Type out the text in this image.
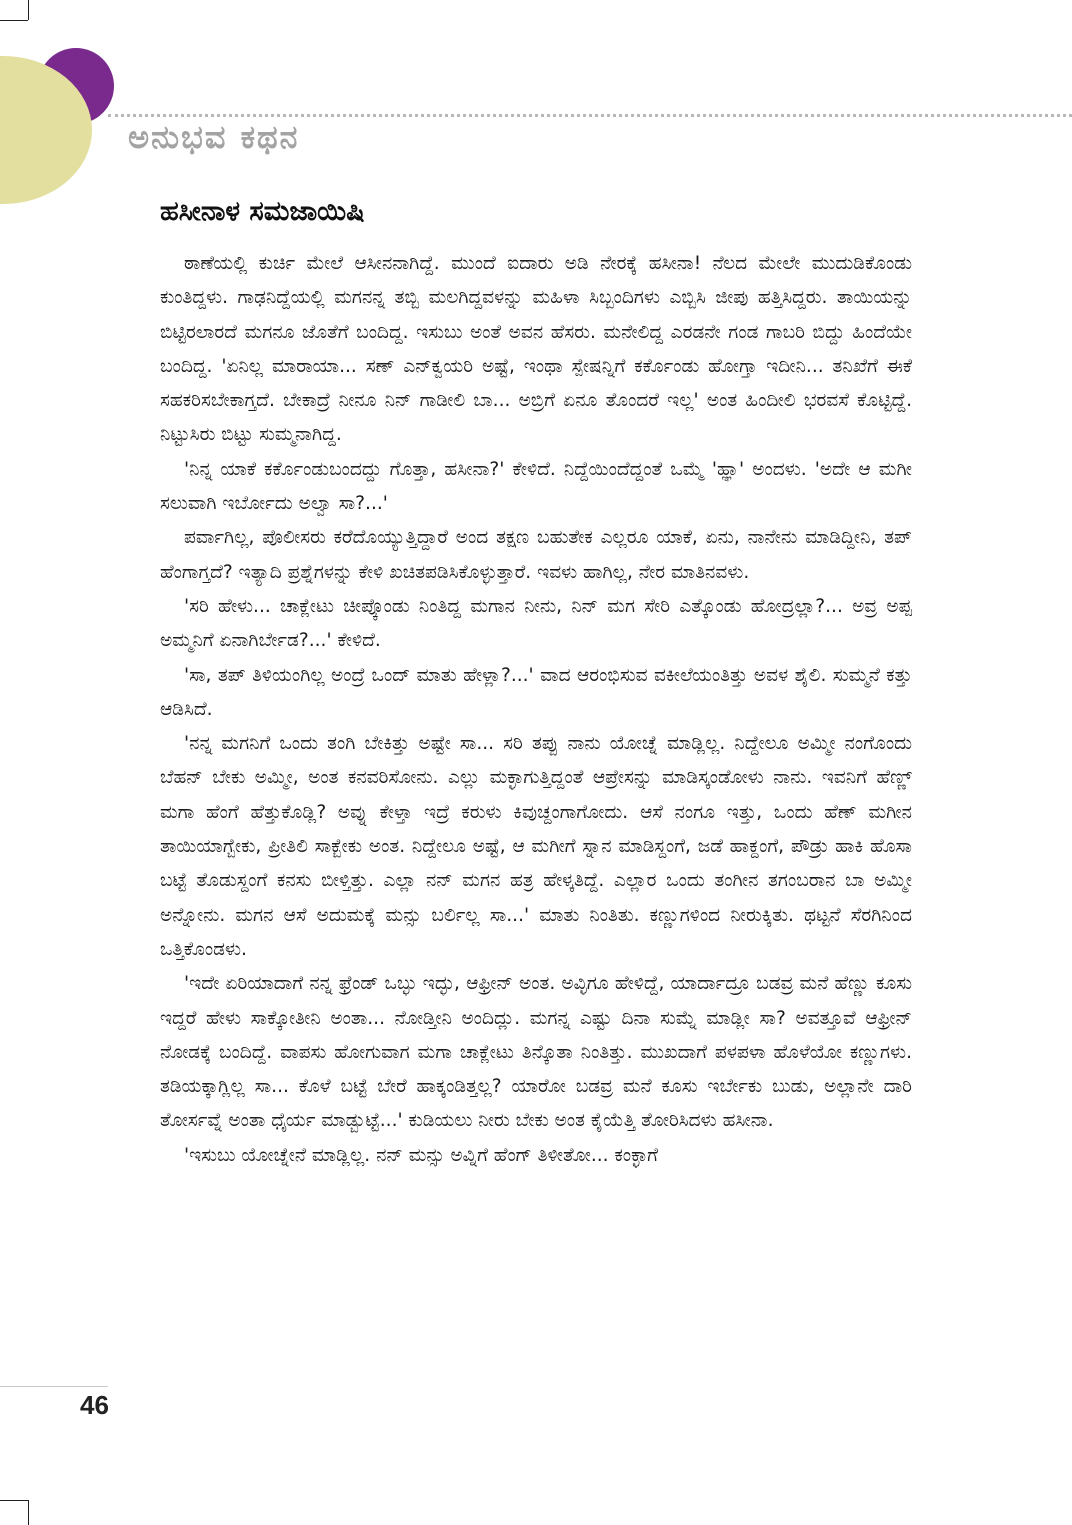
ಅನುಭವ ಕಥನ
ಹಸೀನಾಳ ಸಮಜಾಯಿಷಿ

ಠಾಣೆಯಲ್ಲಿ ಕುರ್ಚಿ ಮೇಲೆ ಆಸೀನನಾಗಿದ್ದೆ. ಮುಂದೆ ಐದಾರು ಅಡಿ ನೇರಕ್ಕೆ ಹಸೀನಾ! ನೆಲದ ಮೇಲೇ ಮುದುಡಿಕೊಂಡು ಕುಂತಿದ್ದಳು. ಗಾಢನಿದ್ದೆಯಲ್ಲಿ ಮಗನನ್ನ ತಬ್ಬಿ ಮಲಗಿದ್ದವಳನ್ನು ಮಹಿಳಾ ಸಿಬ್ಬಂದಿಗಳು ಎಬ್ಬಿಸಿ ಜೀಪು ಹತ್ತಿಸಿದ್ದರು. ತಾಯಿಯನ್ನು ಬಿಟ್ಟಿರಲಾರದೆ ಮಗನೂ ಜೊತೆಗೆ ಬಂದಿದ್ದ. ಇಸುಬು ಅಂತೆ ಅವನ ಹೆಸರು. ಮನೇಲಿದ್ದ ಎರಡನೇ ಗಂಡ ಗಾಬರಿ ಬಿದ್ದು ಹಿಂದೆಯೇ ಬಂದಿದ್ದ. 'ಏನಿಲ್ಲ ಮಾರಾಯಾ... ಸಣ್ ಎನ್‌ಕ್ವಯರಿ ಅಷ್ಟೆ, ಇಂಥಾ ಸ್ಪೇಷನ್ನಿಗೆ ಕರ್ಕೊಂಡು ಹೋಗ್ತಾ ಇದೀನಿ... ತನಿಖೆಗೆ ಈಕೆ ಸಹಕರಿಸಬೇಕಾಗ್ತದೆ. ಬೇಕಾದ್ರೆ ನೀನೂ ನಿನ್ ಗಾಡೀಲಿ ಬಾ... ಅಬ್ರಿಗೆ ಏನೂ ತೊಂದರೆ ಇಲ್ಲ' ಅಂತ ಹಿಂದೀಲಿ ಭರವಸೆ ಕೊಟ್ಟಿದ್ದೆ. ನಿಟ್ಟುಸಿರು ಬಿಟ್ಟು ಸುಮ್ಮನಾಗಿದ್ದ.

'ನಿನ್ನ ಯಾಕೆ ಕರ್ಕೊಂಡುಬಂದದ್ದು ಗೊತ್ತಾ, ಹಸೀನಾ?' ಕೇಳಿದೆ. ನಿದ್ದೆಯಿಂದೆದ್ದಂತೆ ಒಮ್ಮೆ 'ಹ್ಞಾ' ಅಂದಳು. 'ಅದೇ ಆ ಮಗೀ ಸಲುವಾಗಿ ಇರ್ಬೋದು ಅಲ್ವಾ ಸಾ?...'

ಪರ್ವಾಗಿಲ್ಲ, ಪೊಲೀಸರು ಕರೆದೊಯ್ಯುತ್ತಿದ್ದಾರೆ ಅಂದ ತಕ್ಷಣ ಬಹುತೇಕ ಎಲ್ಲರೂ ಯಾಕೆ, ಏನು, ನಾನೇನು ಮಾಡಿದ್ದೀನಿ, ತಪ್ ಹೆಂಗಾಗ್ತದೆ? ಇತ್ಯಾದಿ ಪ್ರಶ್ನೆಗಳನ್ನು ಕೇಳಿ ಖಚಿತಪಡಿಸಿಕೊಳ್ಳುತ್ತಾರೆ. ಇವಳು ಹಾಗಿಲ್ಲ, ನೇರ ಮಾತಿನವಳು.

'ಸರಿ ಹೇಳು... ಚಾಕ್ಲೇಟು ಚೀಪ್ಕೊಂಡು ನಿಂತಿದ್ದ ಮಗಾನ ನೀನು, ನಿನ್ ಮಗ ಸೇರಿ ಎತ್ಕೊಂಡು ಹೋದ್ರಲ್ಲಾ?... ಅವ್ರ ಅಪ್ಪ ಅಮ್ಮನಿಗೆ ಏನಾಗಿರ್ಬೇಡ?...' ಕೇಳಿದೆ.

'ಸಾ, ತಪ್ ತಿಳಿಯಂಗಿಲ್ಲ ಅಂದ್ರೆ ಒಂದ್ ಮಾತು ಹೇಳ್ಲಾ?...' ವಾದ ಆರಂಭಿಸುವ ವಕೀಲೆಯಂತಿತ್ತು ಅವಳ ಶೈಲಿ. ಸುಮ್ಮನೆ ಕತ್ತು ಆಡಿಸಿದೆ.

'ನನ್ನ ಮಗನಿಗೆ ಒಂದು ತಂಗಿ ಬೇಕಿತ್ತು ಅಷ್ಟೇ ಸಾ... ಸರಿ ತಪ್ಪು ನಾನು ಯೋಚ್ನೆ ಮಾಡ್ಲಿಲ್ಲ. ನಿದ್ದೇಲೂ ಅಮ್ಮೀ ನಂಗೊಂದು ಬೆಹನ್ ಬೇಕು ಅಮ್ಮೀ, ಅಂತ ಕನವರಿಸೋನು. ಎಲ್ಲು ಮಕ್ಳಾಗುತ್ತಿದ್ದಂತೆ ಆಪ್ರೇಸನ್ನು ಮಾಡಿಸ್ಕಂಡೋಳು ನಾನು. ಇವನಿಗೆ ಹೆಣ್ಣ್ ಮಗಾ ಹೆಂಗೆ ಹೆತ್ತುಕೊಡ್ಲಿ? ಅವ್ನು ಕೇಳ್ತಾ ಇದ್ರೆ ಕರುಳು ಕಿವುಚ್ದಂಗಾಗೋದು. ಆಸೆ ನಂಗೂ ಇತ್ತು, ಒಂದು ಹೆಣ್ ಮಗೀನ ತಾಯಿಯಾಗ್ಬೇಕು, ಪ್ರೀತಿಲಿ ಸಾಕ್ಬೇಕು ಅಂತ. ನಿದ್ದೇಲೂ ಅಷ್ಟೆ, ಆ ಮಗೀಗೆ ಸ್ನಾನ ಮಾಡಿಸ್ದಂಗೆ, ಜಡೆ ಹಾಕ್ದಂಗೆ, ಪೌಡ್ರು ಹಾಕಿ ಹೊಸಾ ಬಟ್ಟೆ ತೊಡುಸ್ದಂಗೆ ಕನಸು ಬೀಳ್ತಿತ್ತು. ಎಲ್ಲಾ ನನ್ ಮಗನ ಹತ್ರ ಹೇಳ್ಕತಿದ್ದೆ. ಎಲ್ಲಾರ ಒಂದು ತಂಗೀನ ತಗಂಬರಾನ ಬಾ ಅಮ್ಮೀ ಅನ್ನೋನು. ಮಗನ ಆಸೆ ಅದುಮಕ್ಕೆ ಮನ್ಸು ಬರ್ಲಿಲ್ಲ ಸಾ...' ಮಾತು ನಿಂತಿತು. ಕಣ್ಣುಗಳಿಂದ ನೀರುಕ್ಕಿತು. ಥಟ್ಟನೆ ಸೆರಗಿನಿಂದ ಒತ್ತಿಕೊಂಡಳು.

'ಇದೇ ಏರಿಯಾದಾಗೆ ನನ್ನ ಫ್ರೆಂಡ್ ಒಬ್ಳು ಇದ್ಳು, ಆಫ್ರೀನ್ ಅಂತ. ಅವ್ಳಿಗೂ ಹೇಳಿದ್ದೆ, ಯಾರ್ದಾದ್ರೂ ಬಡವ್ರ ಮನೆ ಹೆಣ್ಣು ಕೂಸು ಇದ್ದರೆ ಹೇಳು ಸಾಕ್ಕೋತೀನಿ ಅಂತಾ... ನೋಡ್ತೀನಿ ಅಂದಿದ್ಲು. ಮಗನ್ನ ಎಷ್ಟು ದಿನಾ ಸುಮ್ನೆ ಮಾಡ್ಲೀ ಸಾ? ಅವತ್ತೂವೆ ಆಫ್ರೀನ್ ನೋಡಕ್ಕೆ ಬಂದಿದ್ದೆ. ವಾಪಸು ಹೋಗುವಾಗ ಮಗಾ ಚಾಕ್ಲೇಟು ತಿನ್ಕೊತಾ ನಿಂತಿತ್ತು. ಮುಖದಾಗೆ ಪಳಪಳಾ ಹೊಳೆಯೋ ಕಣ್ಣುಗಳು. ತಡಿಯಕ್ಕಾಗ್ಲಿಲ್ಲ ಸಾ... ಕೊಳೆ ಬಟ್ಟೆ ಬೇರೆ ಹಾಕ್ಕಂಡಿತ್ತಲ್ಲ? ಯಾರೋ ಬಡವ್ರ ಮನೆ ಕೂಸು ಇರ್ಬೇಕು ಬುಡು, ಅಲ್ಲಾನೇ ದಾರಿ ತೋರ್ಸವ್ನೆ ಅಂತಾ ಧೈರ್ಯ ಮಾಡ್ಬುಟ್ಟೆ...' ಕುಡಿಯಲು ನೀರು ಬೇಕು ಅಂತ ಕೈಯೆತ್ತಿ ತೋರಿಸಿದಳು ಹಸೀನಾ.

'ಇಸುಬು ಯೋಚ್ನೇನೆ ಮಾಡ್ಲಿಲ್ಲ. ನನ್ ಮನ್ಸು ಅವ್ನಿಗೆ ಹೆಂಗ್ ತಿಳೀತೋ... ಕಂಕ್ಳಾಗೆ

46
